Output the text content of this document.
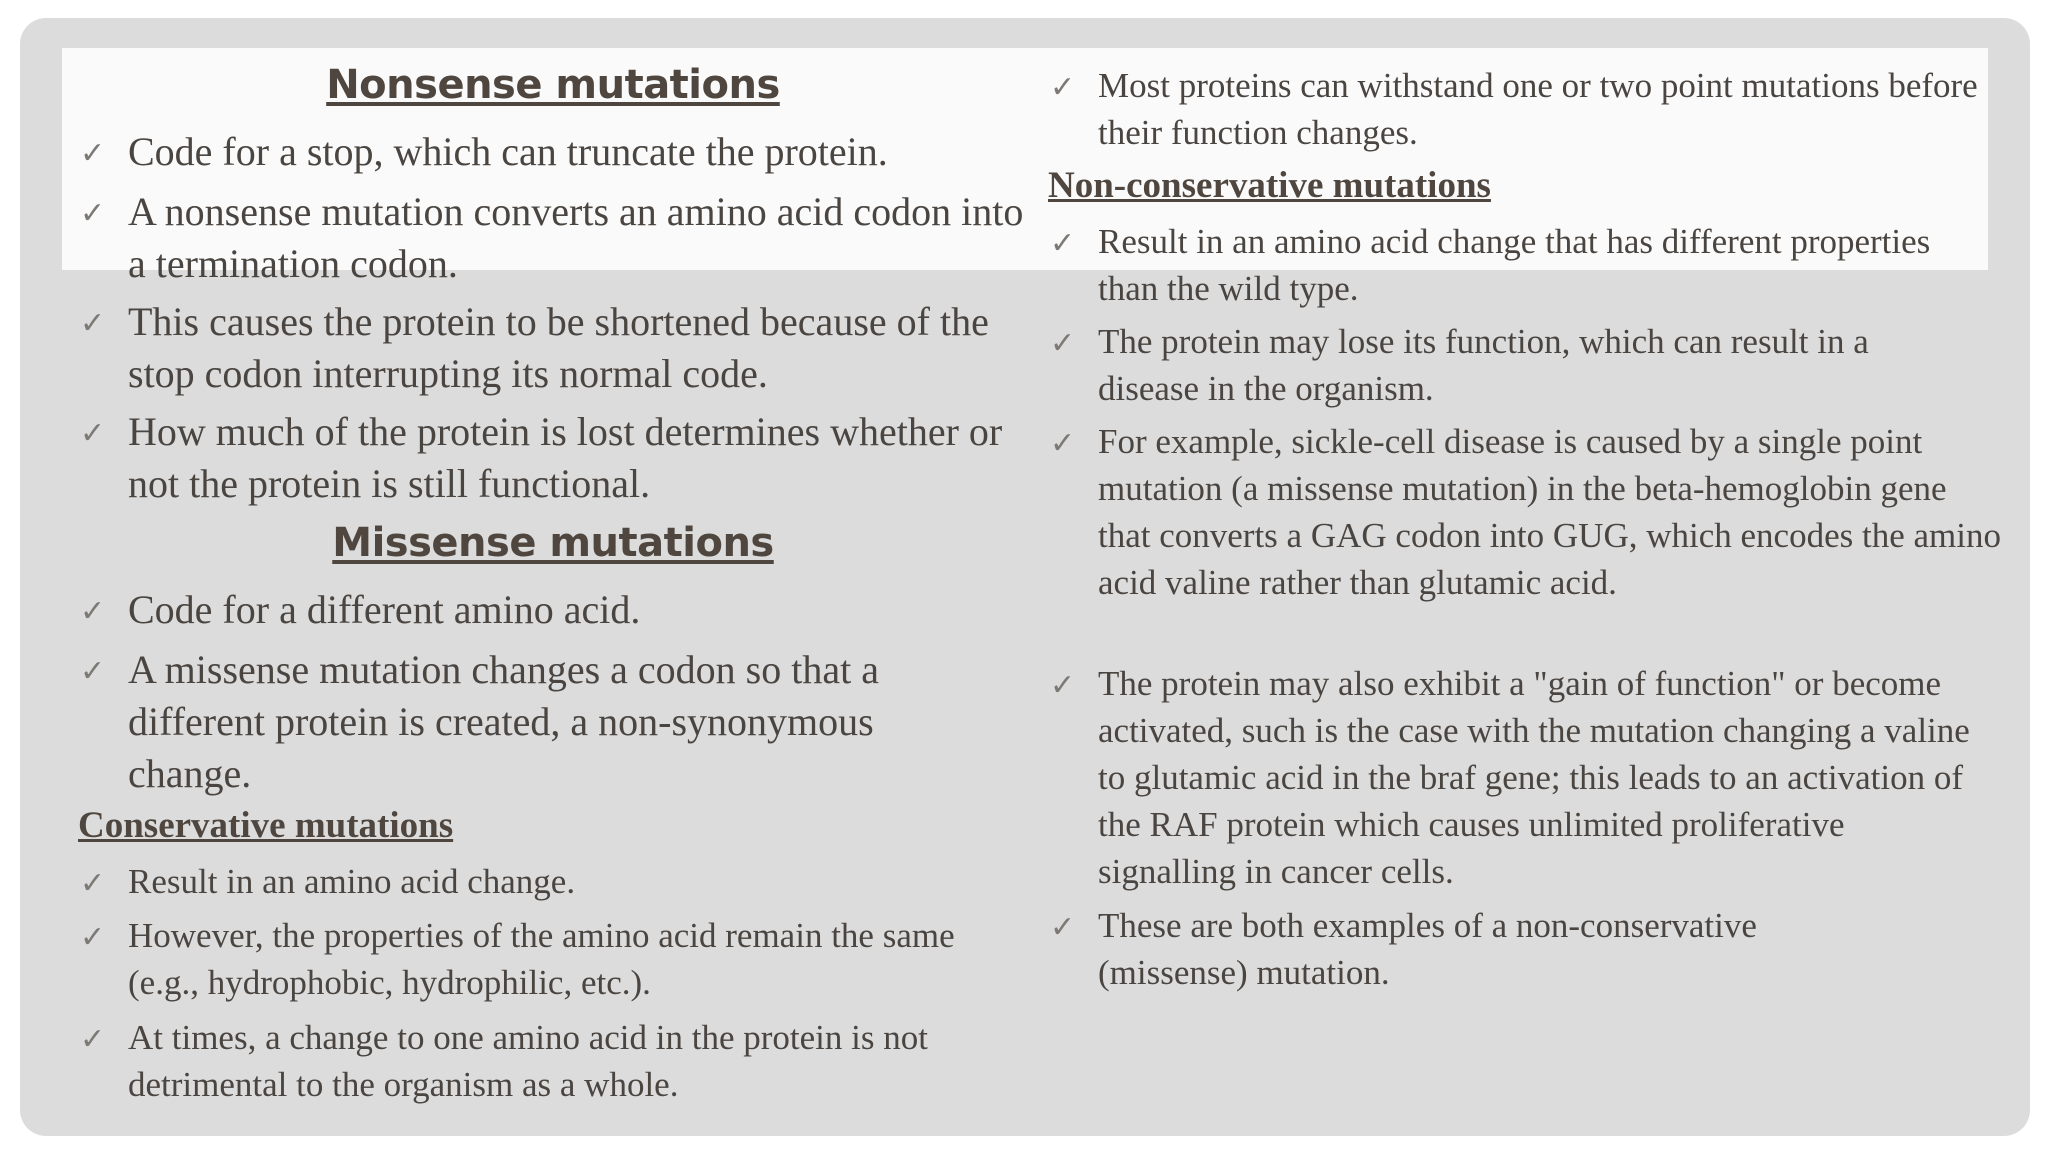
Nonsense mutations
✓ Code for a stop, which can truncate the protein.
✓ A nonsense mutation converts an amino acid codon into a termination codon.
✓ This causes the protein to be shortened because of the stop codon interrupting its normal code.
✓ How much of the protein is lost determines whether or not the protein is still functional.
Missense mutations
✓ Code for a different amino acid.
✓ A missense mutation changes a codon so that a different protein is created, a non-synonymous change.
Conservative mutations
✓ Result in an amino acid change.
✓ However, the properties of the amino acid remain the same (e.g., hydrophobic, hydrophilic, etc.).
✓ At times, a change to one amino acid in the protein is not detrimental to the organism as a whole.
✓ Most proteins can withstand one or two point mutations before their function changes.
Non-conservative mutations
✓ Result in an amino acid change that has different properties than the wild type.
✓ The protein may lose its function, which can result in a disease in the organism.
✓ For example, sickle-cell disease is caused by a single point mutation (a missense mutation) in the beta-hemoglobin gene that converts a GAG codon into GUG, which encodes the amino acid valine rather than glutamic acid.
✓ The protein may also exhibit a "gain of function" or become activated, such is the case with the mutation changing a valine to glutamic acid in the braf gene; this leads to an activation of the RAF protein which causes unlimited proliferative signalling in cancer cells.
✓ These are both examples of a non-conservative (missense) mutation.
